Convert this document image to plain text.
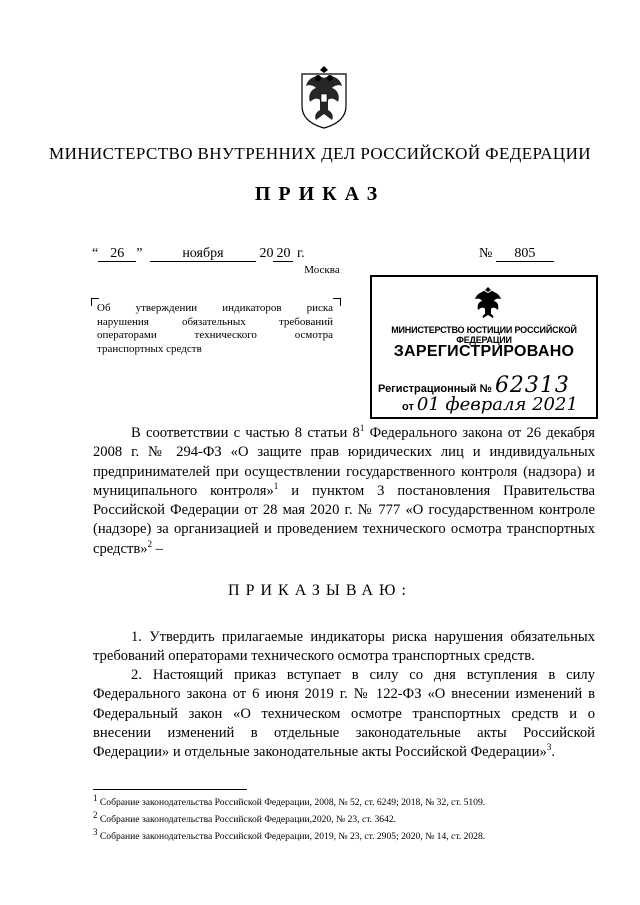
МИНИСТЕРСТВО ВНУТРЕННИХ ДЕЛ РОССИЙСКОЙ ФЕДЕРАЦИИ
ПРИКАЗ
“ 26 ”	ноября	20 20 г.
Москва
№ 805
Об утверждении индикаторов риска
нарушения обязательных требований
операторами технического осмотра
транспортных средств
МИНИСТЕРСТВО ЮСТИЦИИ РОССИЙСКОЙ ФЕДЕРАЦИИ
ЗАРЕГИСТРИРОВАНО
Регистрационный № 62313
от 01 февраля 2021
В соответствии с частью 8 статьи $8^1$ Федерального закона от 26 декабря 2008 г. № 294-ФЗ «О защите прав юридических лиц и индивидуальных предпринимателей при осуществлении государственного контроля (надзора) и муниципального контроля»$^1$ и пунктом 3 постановления Правительства Российской Федерации от 28 мая 2020 г. № 777 «О государственном контроле (надзоре) за организацией и проведением технического осмотра транспортных средств»$^2$ –
ПРИКАЗЫВАЮ:
1. Утвердить прилагаемые индикаторы риска нарушения обязательных требований операторами технического осмотра транспортных средств.
2. Настоящий приказ вступает в силу со дня вступления в силу Федерального закона от 6 июня 2019 г. № 122-ФЗ «О внесении изменений в Федеральный закон «О техническом осмотре транспортных средств и о внесении изменений в отдельные законодательные акты Российской Федерации» и отдельные законодательные акты Российской Федерации»$^3$.
$^1$ Собрание законодательства Российской Федерации, 2008, № 52, ст. 6249; 2018, № 32, ст. 5109.
$^2$ Собрание законодательства Российской Федерации,2020, № 23, ст. 3642.
$^3$ Собрание законодательства Российской Федерации, 2019, № 23, ст. 2905; 2020, № 14, ст. 2028.
